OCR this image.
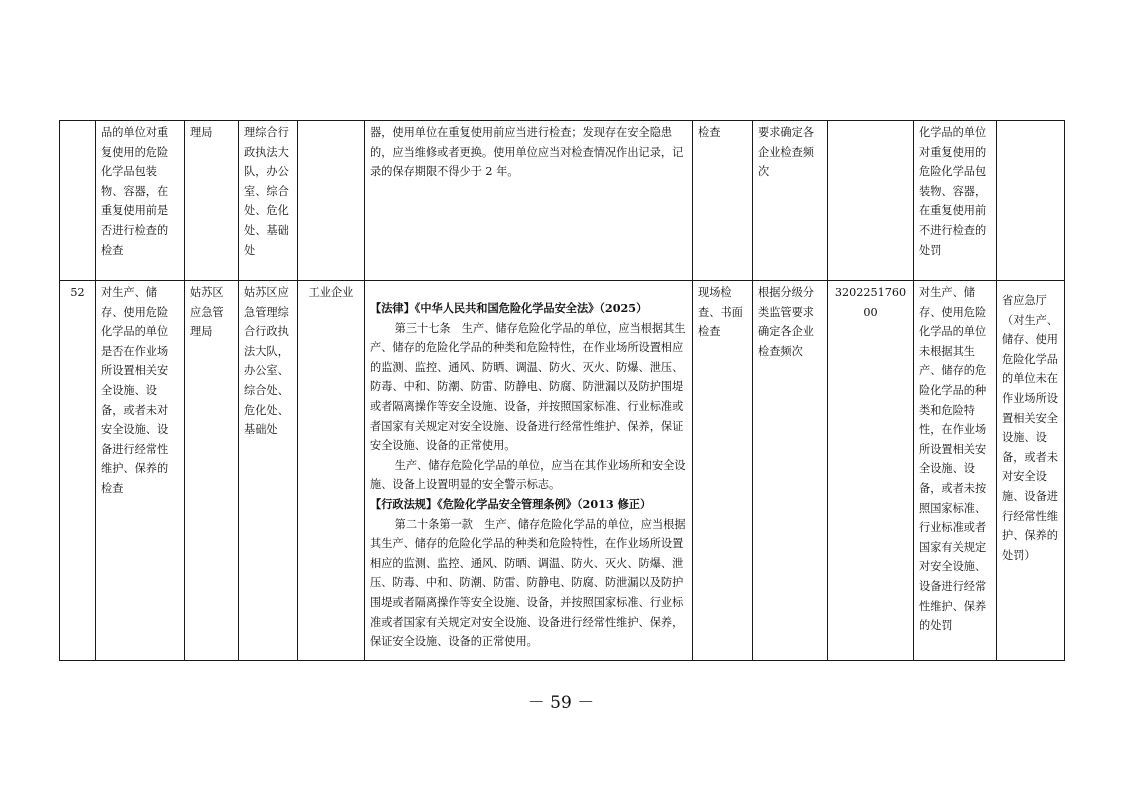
	品的单位对重复使用的危险化学品包装物、容器，在重复使用前是否进行检查的检查	理局	理综合行政执法大队，办公室、综合处、危化处、基础处		器，使用单位在重复使用前应当进行检查；发现存在安全隐患的，应当维修或者更换。使用单位应当对检查情况作出记录，记录的保存期限不得少于 2 年。	检查	要求确定各企业检查频次		化学品的单位对重复使用的危险化学品包装物、容器，在重复使用前不进行检查的处罚	
52	对生产、储存、使用危险化学品的单位是否在作业场所设置相关安全设施、设备，或者未对安全设施、设备进行经常性维护、保养的检查	姑苏区应急管理局	姑苏区应急管理综合行政执法大队，办公室、综合处、危化处、基础处	工业企业	【法律】《中华人民共和国危险化学品安全法》（2025）

第三十七条　生产、储存危险化学品的单位，应当根据其生产、储存的危险化学品的种类和危险特性，在作业场所设置相应的监测、监控、通风、防晒、调温、防火、灭火、防爆、泄压、防毒、中和、防潮、防雷、防静电、防腐、防泄漏以及防护围堤或者隔离操作等安全设施、设备，并按照国家标准、行业标准或者国家有关规定对安全设施、设备进行经常性维护、保养，保证安全设施、设备的正常使用。

生产、储存危险化学品的单位，应当在其作业场所和安全设施、设备上设置明显的安全警示标志。

【行政法规】《危险化学品安全管理条例》（2013 修正）

第二十条第一款　生产、储存危险化学品的单位，应当根据其生产、储存的危险化学品的种类和危险特性，在作业场所设置相应的监测、监控、通风、防晒、调温、防火、灭火、防爆、泄压、防毒、中和、防潮、防雷、防静电、防腐、防泄漏以及防护围堤或者隔离操作等安全设施、设备，并按照国家标准、行业标准或者国家有关规定对安全设施、设备进行经常性维护、保养，保证安全设施、设备的正常使用。	现场检查、书面检查	根据分级分类监管要求确定各企业检查频次	320225176000	对生产、储存、使用危险化学品的单位未根据其生产、储存的危险化学品的种类和危险特性，在作业场所设置相关安全设施、设备，或者未按照国家标准、行业标准或者国家有关规定对安全设施、设备进行经常性维护、保养的处罚	省应急厅（对生产、储存、使用危险化学品的单位未在作业场所设置相关安全设施、设备，或者未对安全设施、设备进行经常性维护、保养的处罚）
－ 59 －
